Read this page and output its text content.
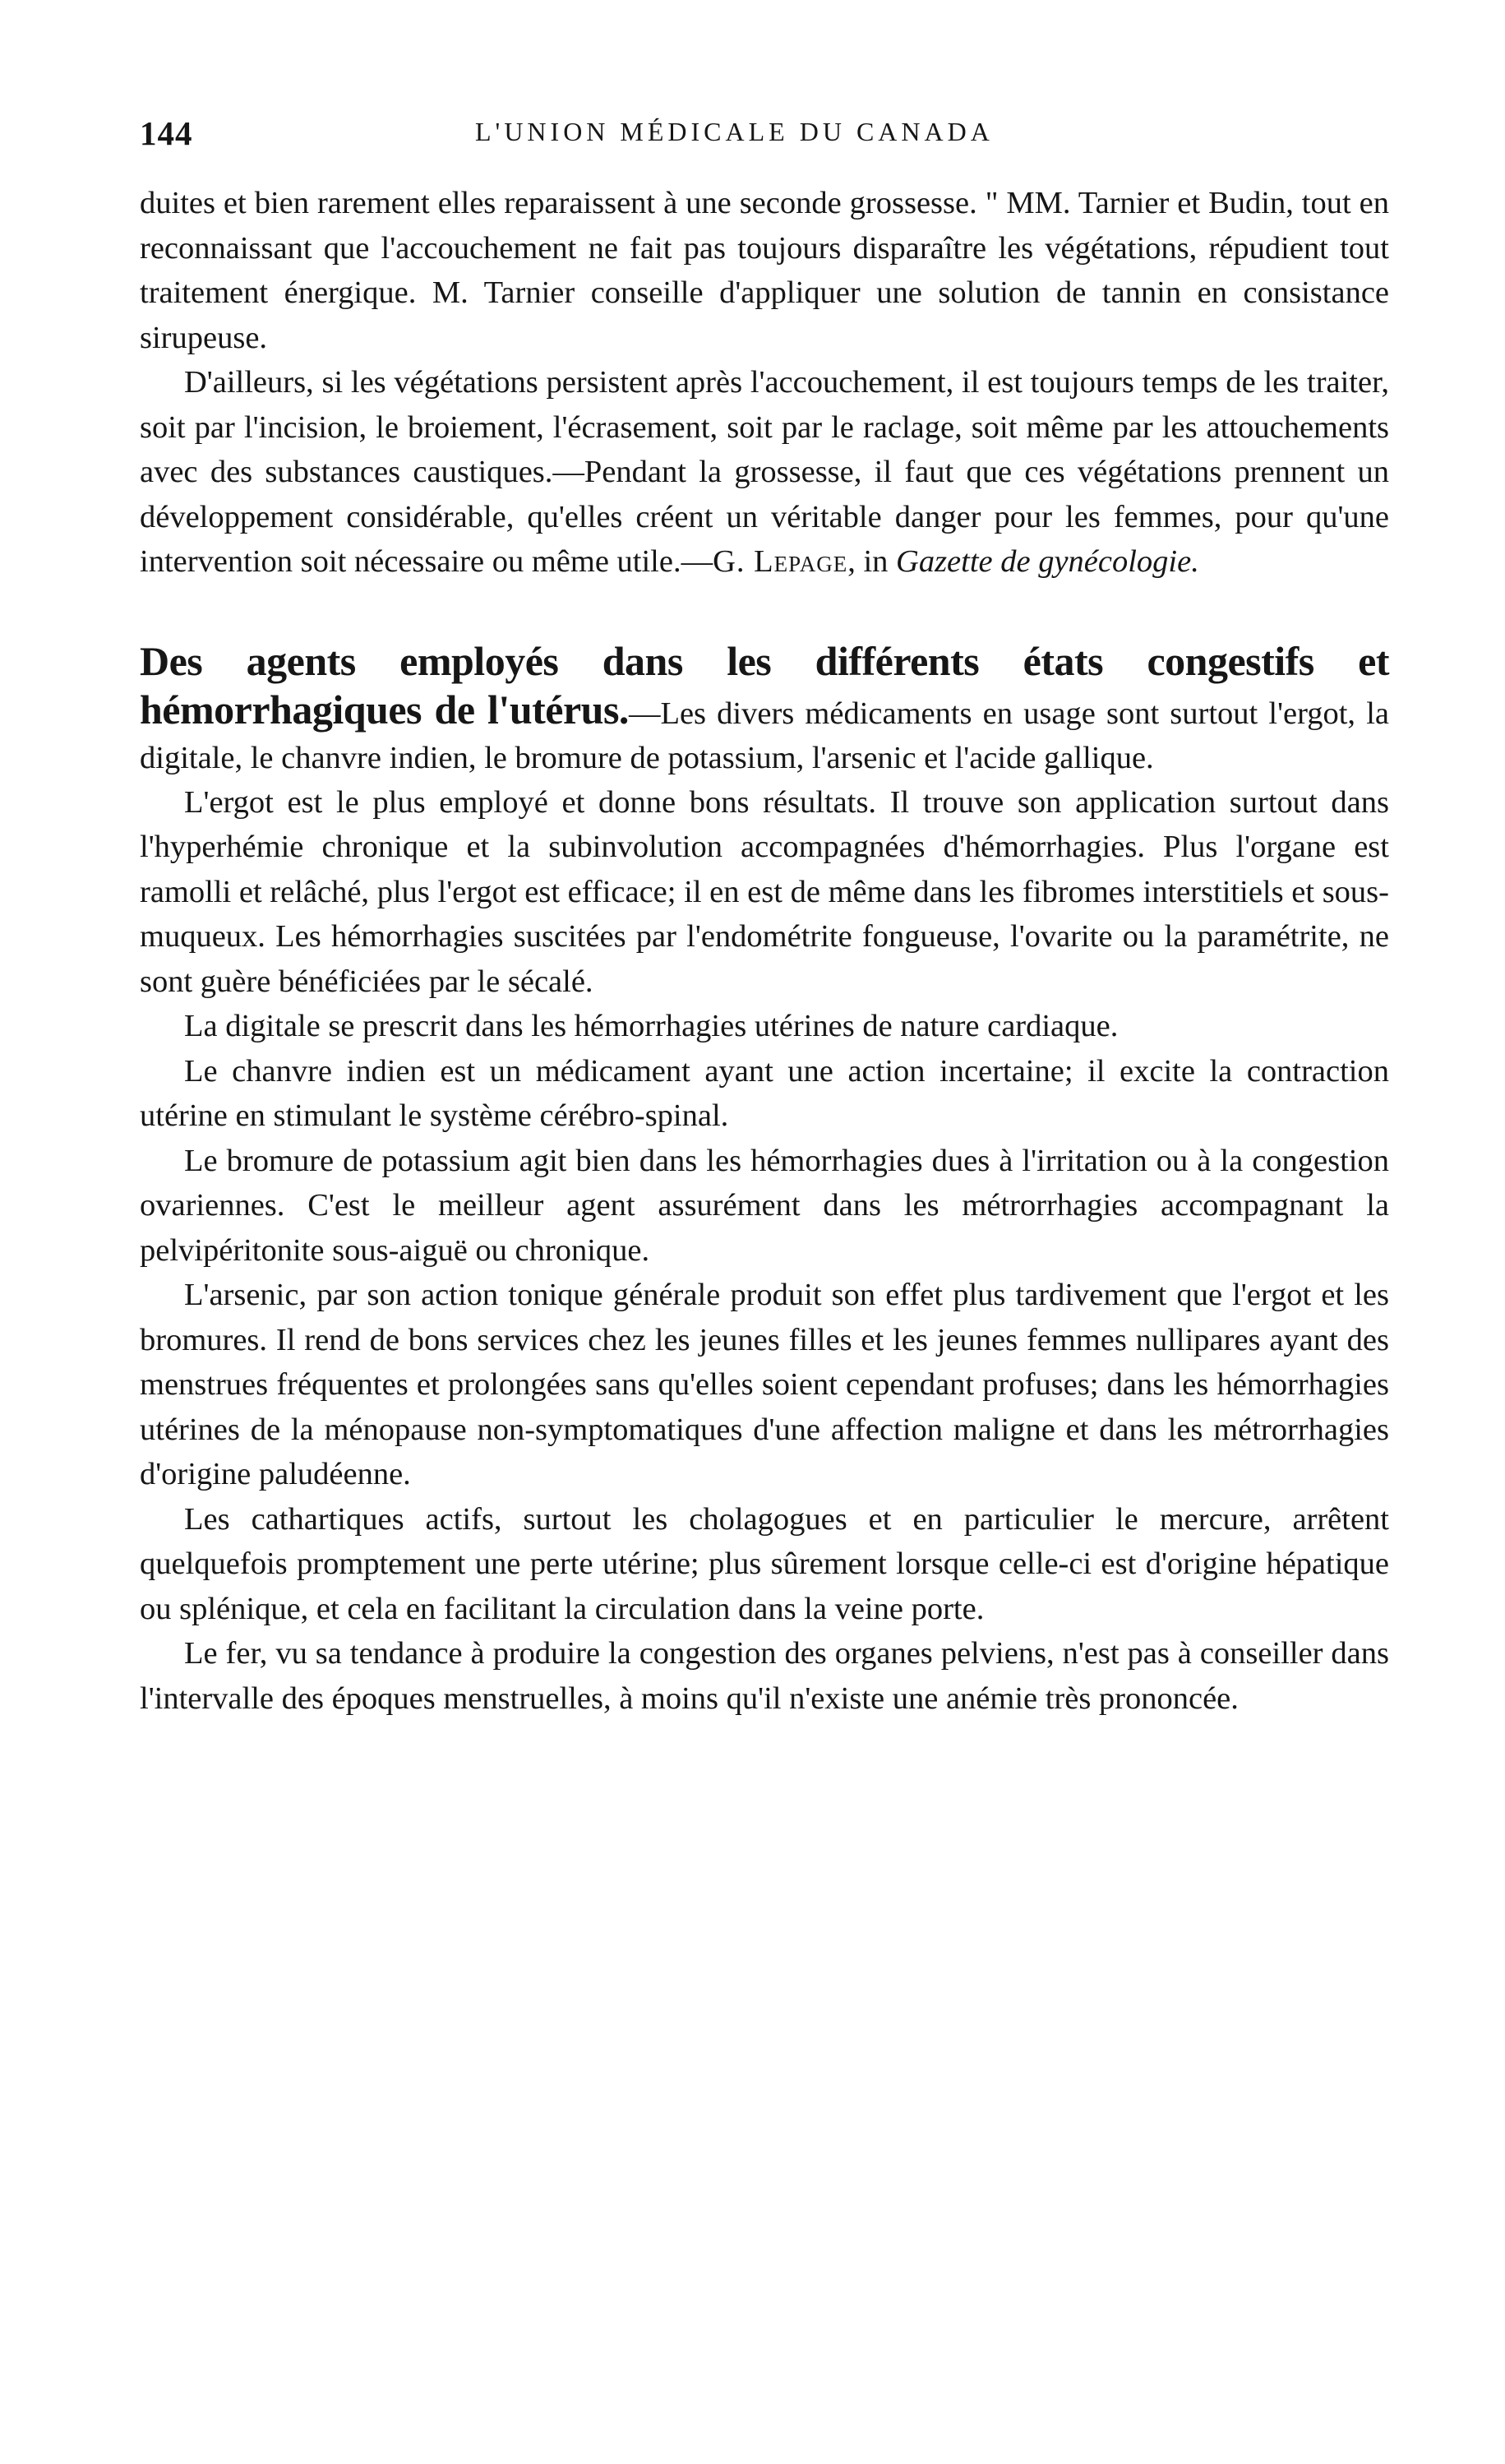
144	L'UNION MÉDICALE DU CANADA

duites et bien rarement elles reparaissent à une seconde grossesse. " MM. Tarnier et Budin, tout en reconnaissant que l'accouchement ne fait pas toujours disparaître les végétations, répudient tout traitement énergique. M. Tarnier conseille d'appliquer une solution de tannin en consistance sirupeuse.

D'ailleurs, si les végétations persistent après l'accouchement, il est toujours temps de les traiter, soit par l'incision, le broiement, l'écrasement, soit par le raclage, soit même par les attouchements avec des substances caustiques.—Pendant la grossesse, il faut que ces végétations prennent un développement considérable, qu'elles créent un véritable danger pour les femmes, pour qu'une intervention soit nécessaire ou même utile.—G. Lepage, in Gazette de gynécologie.

Des agents employés dans les différents états congestifs et hémorrhagiques de l'utérus.—Les divers médicaments en usage sont surtout l'ergot, la digitale, le chanvre indien, le bromure de potassium, l'arsenic et l'acide gallique.

L'ergot est le plus employé et donne bons résultats. Il trouve son application surtout dans l'hyperhémie chronique et la subinvolution accompagnées d'hémorrhagies. Plus l'organe est ramolli et relâché, plus l'ergot est efficace; il en est de même dans les fibromes interstitiels et sous-muqueux. Les hémorrhagies suscitées par l'endométrite fongueuse, l'ovarite ou la paramétrite, ne sont guère bénéficiées par le sécalé.

La digitale se prescrit dans les hémorrhagies utérines de nature cardiaque.

Le chanvre indien est un médicament ayant une action incertaine; il excite la contraction utérine en stimulant le système cérébro-spinal.

Le bromure de potassium agit bien dans les hémorrhagies dues à l'irritation ou à la congestion ovariennes. C'est le meilleur agent assurément dans les métrorrhagies accompagnant la pelvipéritonite sous-aiguë ou chronique.

L'arsenic, par son action tonique générale produit son effet plus tardivement que l'ergot et les bromures. Il rend de bons services chez les jeunes filles et les jeunes femmes nullipares ayant des menstrues fréquentes et prolongées sans qu'elles soient cependant profuses; dans les hémorrhagies utérines de la ménopause non-symptomatiques d'une affection maligne et dans les métrorrhagies d'origine paludéenne.

Les cathartiques actifs, surtout les cholagogues et en particulier le mercure, arrêtent quelquefois promptement une perte utérine; plus sûrement lorsque celle-ci est d'origine hépatique ou splénique, et cela en facilitant la circulation dans la veine porte.

Le fer, vu sa tendance à produire la congestion des organes pelviens, n'est pas à conseiller dans l'intervalle des époques menstruelles, à moins qu'il n'existe une anémie très prononcée.
